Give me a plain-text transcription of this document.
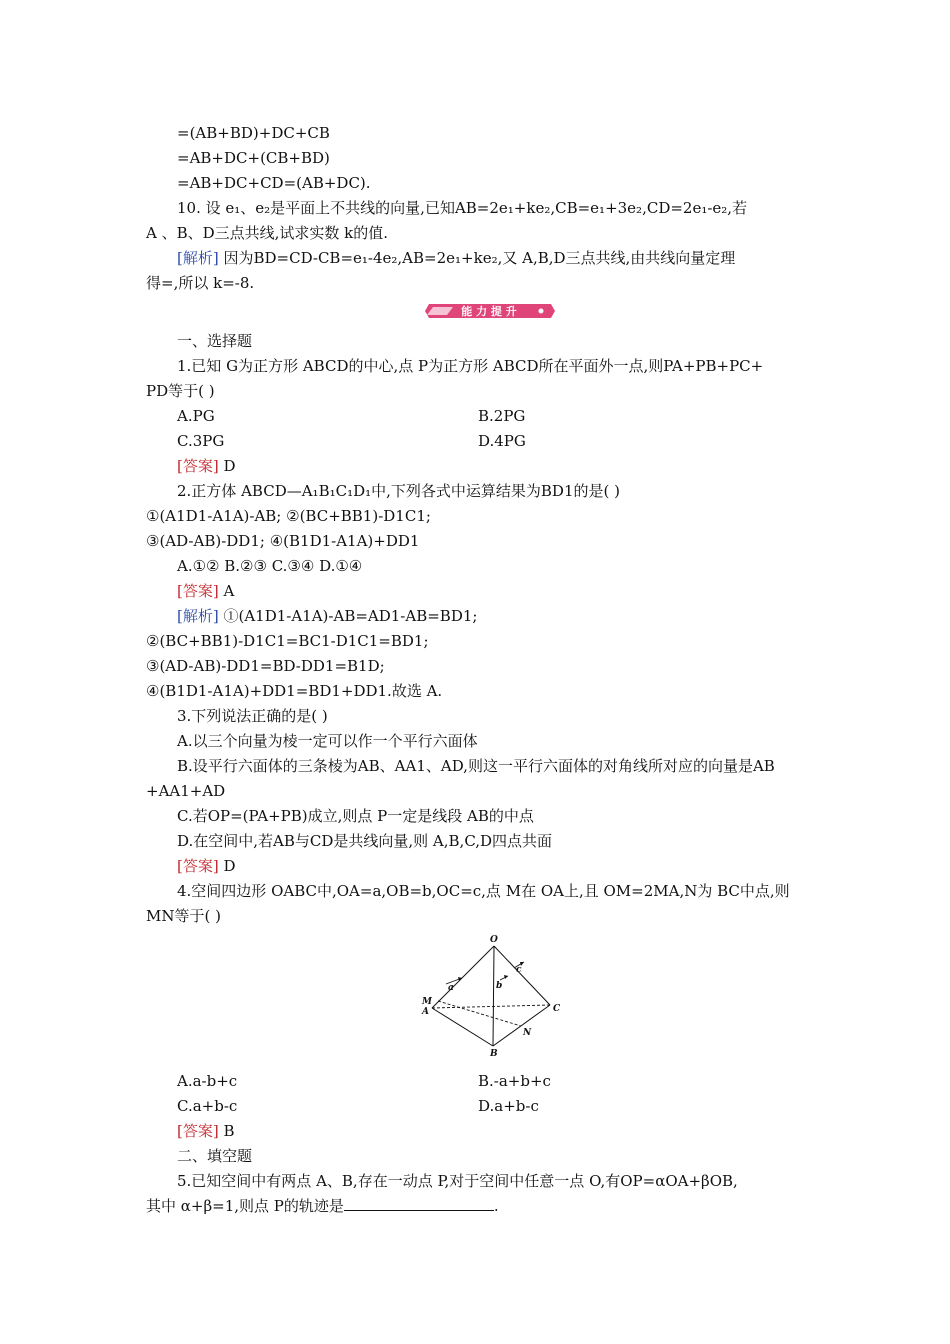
=(AB+BD)+DC+CB
=AB+DC+(CB+BD)
=AB+DC+CD=(AB+DC).
10. 设 e₁、e₂是平面上不共线的向量,已知AB=2e₁+ke₂,CB=e₁+3e₂,CD=2e₁-e₂,若
A 、B、D三点共线,试求实数 k的值.
[解析] 因为BD=CD-CB=e₁-4e₂,AB=2e₁+ke₂,又 A,B,D三点共线,由共线向量定理
得=,所以 k=-8.
能 力 提 升
一、选择题
1.已知 G为正方形 ABCD的中心,点 P为正方形 ABCD所在平面外一点,则PA+PB+PC+
PD等于( )
A.PG	B.2PG
C.3PG	D.4PG
[答案] D
2.正方体 ABCD—A₁B₁C₁D₁中,下列各式中运算结果为BD1的是( )
①(A1D1-A1A)-AB; ②(BC+BB1)-D1C1;
③(AD-AB)-DD1; ④(B1D1-A1A)+DD1
A.①② B.②③ C.③④ D.①④
[答案] A
[解析] ①(A1D1-A1A)-AB=AD1-AB=BD1;
②(BC+BB1)-D1C1=BC1-D1C1=BD1;
③(AD-AB)-DD1=BD-DD1=B1D;
④(B1D1-A1A)+DD1=BD1+DD1.故选 A.
3.下列说法正确的是( )
A.以三个向量为棱一定可以作一个平行六面体
B.设平行六面体的三条棱为AB、AA1、AD,则这一平行六面体的对角线所对应的向量是AB
+AA1+AD
C.若OP=(PA+PB)成立,则点 P一定是线段 AB的中点
D.在空间中,若AB与CD是共线向量,则 A,B,C,D四点共面
[答案] D
4.空间四边形 OABC中,OA=a,OB=b,OC=c,点 M在 OA上,且 OM=2MA,N为 BC中点,则
MN等于( )
O
M
A
B
C
N
a	b
c
A.a-b+c	B.-a+b+c
C.a+b-c	D.a+b-c
[答案] B
二、填空题
5.已知空间中有两点 A、B,存在一动点 P,对于空间中任意一点 O,有OP=αOA+βOB,
其中 α+β=1,则点 P的轨迹是	.
